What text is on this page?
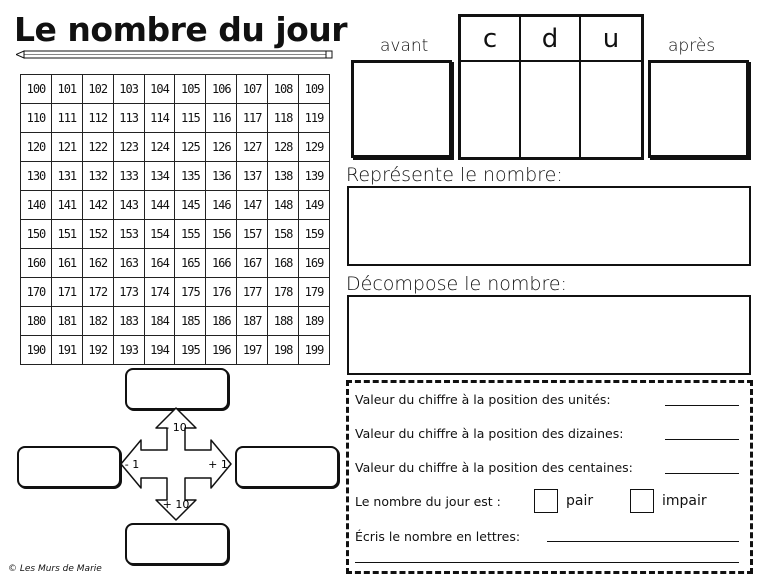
Le nombre du jour
100	101	102	103	104	105	106	107	108	109
110	111	112	113	114	115	116	117	118	119
120	121	122	123	124	125	126	127	128	129
130	131	132	133	134	135	136	137	138	139
140	141	142	143	144	145	146	147	148	149
150	151	152	153	154	155	156	157	158	159
160	161	162	163	164	165	166	167	168	169
170	171	172	173	174	175	176	177	178	179
180	181	182	183	184	185	186	187	188	189
190	191	192	193	194	195	196	197	198	199
avant	c	d	u	après
Représente le nombre:
Décompose le nombre:
- 10
+ 10
- 1	+ 1
Valeur du chiffre à la position des unités:
Valeur du chiffre à la position des dizaines:
Valeur du chiffre à la position des centaines:
Le nombre du jour est :	pair	impair
Écris le nombre en lettres:
© Les Murs de Marie
